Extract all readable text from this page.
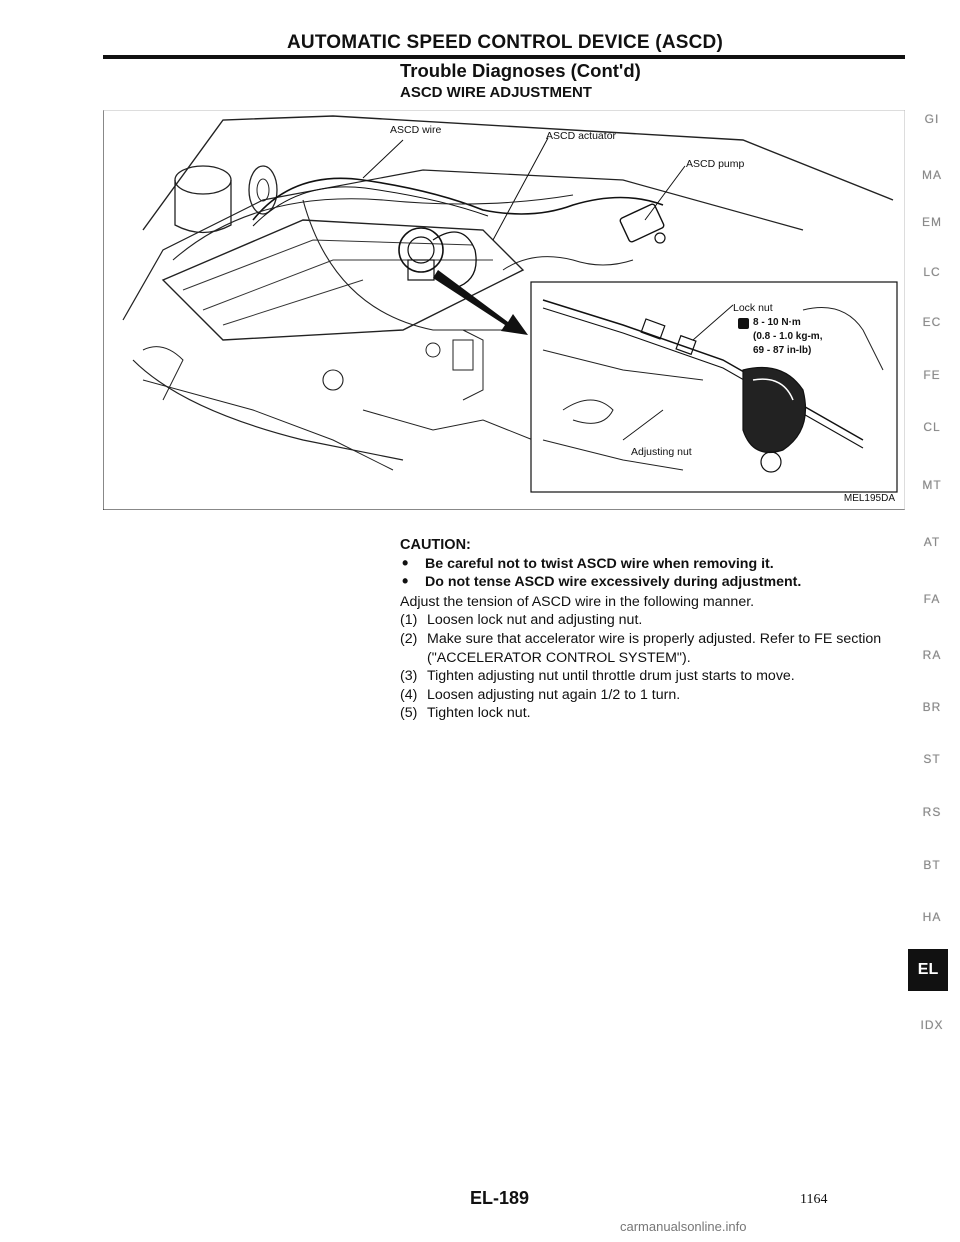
AUTOMATIC SPEED CONTROL DEVICE (ASCD)
Trouble Diagnoses (Cont'd)
ASCD WIRE ADJUSTMENT
ASCD wire	ASCD actuator
ASCD pump
Lock nut
8 - 10 N·m
(0.8 - 1.0 kg-m,
69 - 87 in-lb)
Adjusting nut
MEL195DA
CAUTION:
• Be careful not to twist ASCD wire when removing it.
• Do not tense ASCD wire excessively during adjustment.
Adjust the tension of ASCD wire in the following manner.
(1) Loosen lock nut and adjusting nut.
(2) Make sure that accelerator wire is properly adjusted. Refer to FE section ("ACCELERATOR CONTROL SYSTEM").
(3) Tighten adjusting nut until throttle drum just starts to move.
(4) Loosen adjusting nut again 1/2 to 1 turn.
(5) Tighten lock nut.
GI
MA
EM
LC
EC
FE
CL
MT
AT
FA
RA
BR
ST
RS
BT
HA
EL
IDX
EL-189	1164
carmanualsonline.info
